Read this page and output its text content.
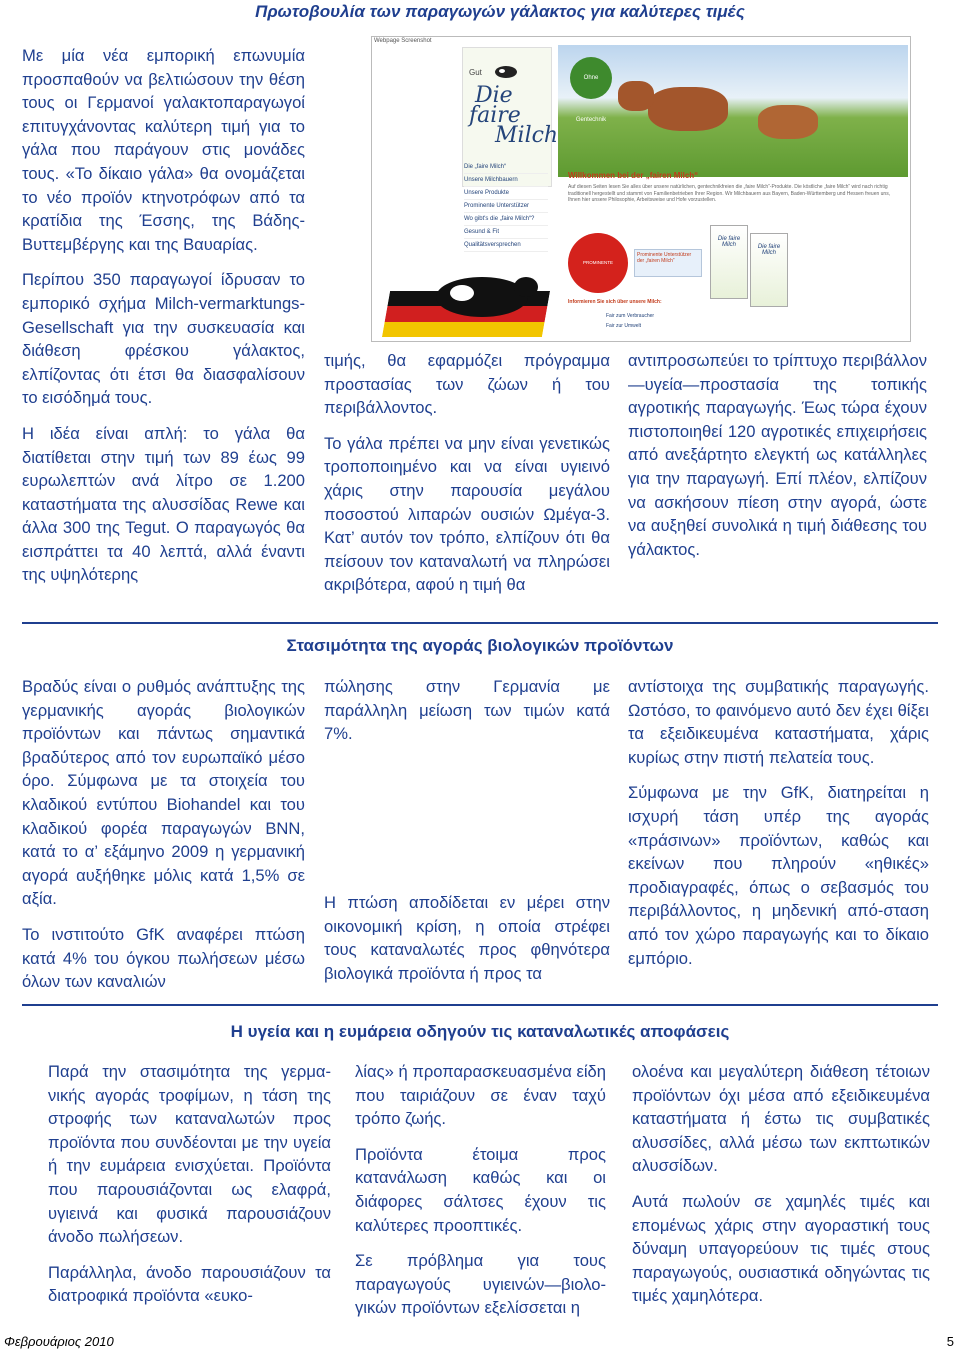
Πρωτοβουλία των παραγωγών γάλακτος για καλύτερες τιμές

Με μία νέα εμπορική επωνυμία προσπαθούν να βελτιώσουν την θέση τους οι Γερμανοί γαλακτοπαραγωγοί επιτυγχάνοντας καλύτερη τιμή για το γάλα που παράγουν στις μονάδες τους. «Το δίκαιο γάλα» θα ονομάζεται το νέο προϊόν κτηνοτρόφων από τα κρατίδια της Έσσης, της Βάδης-Βυττεμβέργης και της Βαυαρίας.

Περίπου 350 παραγωγοί ίδρυσαν το εμπορικό σχήμα Milch-vermarktungs-Gesellschaft για την συσκευασία και διάθεση φρέσκου γάλακτος, ελπίζοντας ότι έτσι θα διασφαλίσουν το εισόδημά τους.

Η ιδέα είναι απλή: το γάλα θα διατίθεται στην τιμή των 89 έως 99 ευρωλεπτών ανά λίτρο σε 1.200 καταστήματα της αλυσσίδας Rewe και άλλα 300 της Tegut. Ο παραγωγός θα εισπράττει τα 40 λεπτά, αλλά έναντι της υψηλότερης

Webpage Screenshot
Gut
Die
faire
Milch
Die „faire Milch“
Unsere Milchbauern
Unsere Produkte
Prominente Unterstützer
Wo gibt's die „faire Milch“?
Gesund & Fit
Qualitätsversprechen
Ohne Gentechnik
Willkommen bei der „fairen Milch“
Auf diesen Seiten lesen Sie alles über unsere natürlichen, gentechnikfreien die „faire Milch“-Produkte. Die köstliche „faire Milch“ wird nach richtig traditionell hergestellt und stammt von Familienbetrieben Ihrer Region. Wir Milchbauern aus Bayern, Baden-Württemberg und Hessen freuen uns, Ihnen hier unsere Philosophie, Arbeitsweise und Hofe vorzustellen.
PROMINENTE UNTERSTÜTZER
Prominente Unterstützer der „fairen Milch“
Die faire Milch	Die faire Milch
Informieren Sie sich über unsere Milch:
Fair zum Verbraucher
Fair zur Umwelt

τιμής, θα εφαρμόζει πρόγραμμα προστασίας των ζώων ή του περιβάλλοντος.

Το γάλα πρέπει να μην είναι γενετικώς τροποποιημένο και να είναι υγιεινό χάρις στην παρουσία μεγάλου ποσοστού λιπαρών ουσιών Ωμέγα-3. Κατ’ αυτόν τον τρόπο, ελπίζουν ότι θα πείσουν τον καταναλωτή να πληρώσει ακριβότερα, αφού η τιμή θα

αντιπροσωπεύει το τρίπτυχο περιβάλλον—υγεία—προστασία της τοπικής αγροτικής παραγωγής. Έως τώρα έχουν πιστοποιηθεί 120 αγροτικές επιχειρήσεις από ανεξάρτητο ελεγκτή ως κατάλληλες για την παραγωγή. Επί πλέον, ελπίζουν να ασκήσουν πίεση στην αγορά, ώστε να αυξηθεί συνολικά η τιμή διάθεσης του γάλακτος.

Στασιμότητα της αγοράς βιολογικών προϊόντων

Βραδύς είναι ο ρυθμός ανάπτυξης της γερμανικής αγοράς βιολογικών προϊόντων και πάντως σημαντικά βραδύτερος από τον ευρωπαϊκό μέσο όρο. Σύμφωνα με τα στοιχεία του κλαδικού εντύπου Biohandel και του κλαδικού φορέα παραγωγών BNN, κατά το α’ εξάμηνο 2009 η γερμανική αγορά αυξήθηκε μόλις κατά 1,5% σε αξία.

Το ινστιτούτο GfK αναφέρει πτώση κατά 4% του όγκου πωλήσεων μέσω όλων των καναλιών

πώλησης στην Γερμανία με παράλληλη μείωση των τιμών κατά 7%.

Η πτώση αποδίδεται εν μέρει στην οικονομική κρίση, η οποία στρέφει τους καταναλωτές προς φθηνότερα βιολογικά προϊόντα ή προς τα

αντίστοιχα της συμβατικής παραγωγής. Ωστόσο, το φαινόμενο αυτό δεν έχει θίξει τα εξειδικευμένα καταστήματα, χάρις κυρίως στην πιστή πελατεία τους.

Σύμφωνα με την GfK, διατηρείται η ισχυρή τάση υπέρ της αγοράς «πράσινων» προϊόντων, καθώς και εκείνων που πληρούν «ηθικές» προδιαγραφές, όπως ο σεβασμός του περιβάλλοντος, η μηδενική από-σταση από τον χώρο παραγωγής και το δίκαιο εμπόριο.

Η υγεία και η ευμάρεια οδηγούν τις καταναλωτικές αποφάσεις

Παρά την στασιμότητα της γερμα-νικής αγοράς τροφίμων, η τάση της στροφής των καταναλωτών προς προϊόντα που συνδέονται με την υγεία ή την ευμάρεια ενισχύεται. Προϊόντα που παρουσιάζονται ως ελαφρά, υγιεινά και φυσικά παρουσιάζουν άνοδο πωλήσεων.

Παράλληλα, άνοδο παρουσιάζουν τα διατροφικά προϊόντα «ευκο-

λίας» ή προπαρασκευασμένα είδη που ταιριάζουν σε έναν ταχύ τρόπο ζωής.

Προϊόντα έτοιμα προς κατανάλωση καθώς και οι διάφορες σάλτσες έχουν τις καλύτερες προοπτικές.

Σε πρόβλημα για τους παραγωγούς υγιεινών—βιολο-γικών προϊόντων εξελίσσεται η

ολοένα και μεγαλύτερη διάθεση τέτοιων προϊόντων όχι μέσα από εξειδικευμένα καταστήματα ή έστω τις συμβατικές αλυσσίδες, αλλά μέσω των εκπτωτικών αλυσσίδων.

Αυτά πωλούν σε χαμηλές τιμές και επομένως χάρις στην αγοραστική τους δύναμη υπαγορεύουν τις τιμές στους παραγωγούς, ουσιαστικά οδηγώντας τις τιμές χαμηλότερα.

Φεβρουάριος 2010	5
